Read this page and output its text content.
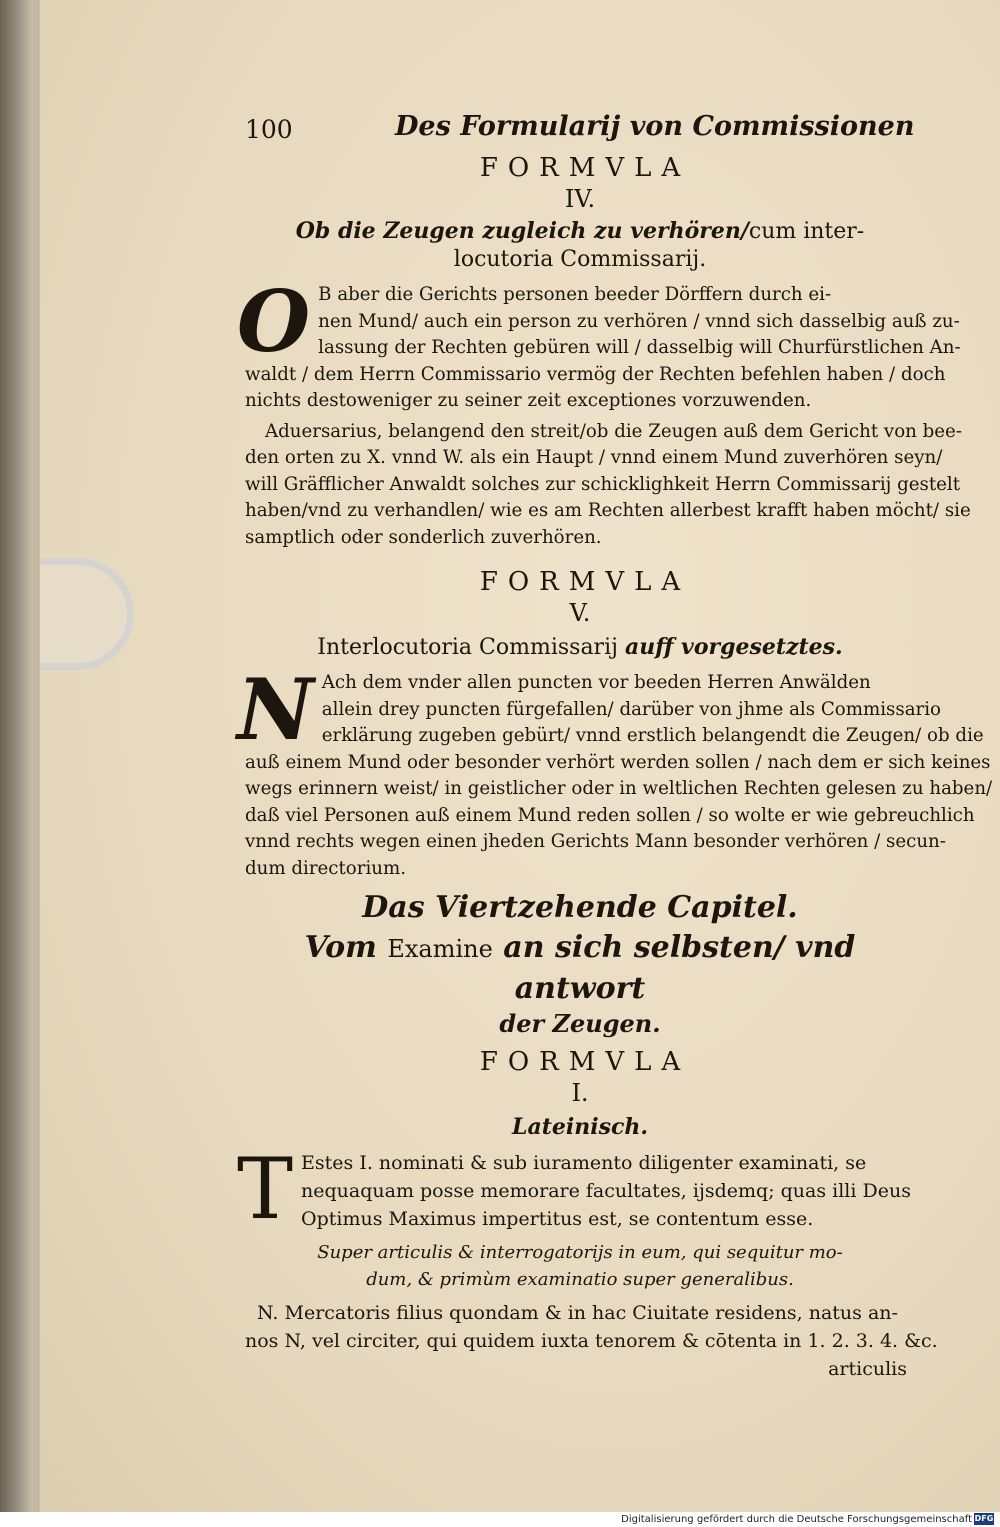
100	Des Formularij von Commissionen
FORMVLA
IV.
Ob die Zeugen zugleich zu verhören/cum inter-
locutoria Commissarij.
O B aber die Gerichts personen beeder Dörffern durch ei-
nen Mund/ auch ein person zu verhören / vnnd sich dasselbig auß zu-
lassung der Rechten gebüren will / dasselbig will Churfürstlichen An-
waldt / dem Herrn Commissario vermög der Rechten befehlen haben / doch
nichts destoweniger zu seiner zeit exceptiones vorzuwenden.
Aduersarius, belangend den streit/ob die Zeugen auß dem Gericht von bee-
den orten zu X. vnnd W. als ein Haupt / vnnd einem Mund zuverhören seyn/
will Gräfflicher Anwaldt solches zur schicklighkeit Herrn Commissarij gestelt
haben/vnd zu verhandlen/ wie es am Rechten allerbest krafft haben möcht/ sie
samptlich oder sonderlich zuverhören.
FORMVLA
V.
Interlocutoria Commissarij auff vorgesetztes.
N Ach dem vnder allen puncten vor beeden Herren Anwälden
allein drey puncten fürgefallen/ darüber von jhme als Commissario
erklärung zugeben gebürt/ vnnd erstlich belangendt die Zeugen/ ob die
auß einem Mund oder besonder verhört werden sollen / nach dem er sich keines
wegs erinnern weist/ in geistlicher oder in weltlichen Rechten gelesen zu haben/
daß viel Personen auß einem Mund reden sollen / so wolte er wie gebreuchlich
vnnd rechts wegen einen jheden Gerichts Mann besonder verhören / secun-
dum directorium.
Das Viertzehende Capitel.
Vom Examine an sich selbsten/ vnd antwort
der Zeugen.
FORMVLA
I.
Lateinisch.
T Estes I. nominati & sub iuramento diligenter examinati, se
nequaquam posse memorare facultates, ijsdemq; quas illi Deus
Optimus Maximus impertitus est, se contentum esse.
Super articulis & interrogatorijs in eum, qui sequitur mo-
dum, & primùm examinatio super generalibus.
N. Mercatoris filius quondam & in hac Ciuitate residens, natus an-
nos N, vel circiter, qui quidem iuxta tenorem & cōtenta in 1. 2. 3. 4. &c.
articulis
Digitalisierung gefördert durch die Deutsche Forschungsgemeinschaft DFG
